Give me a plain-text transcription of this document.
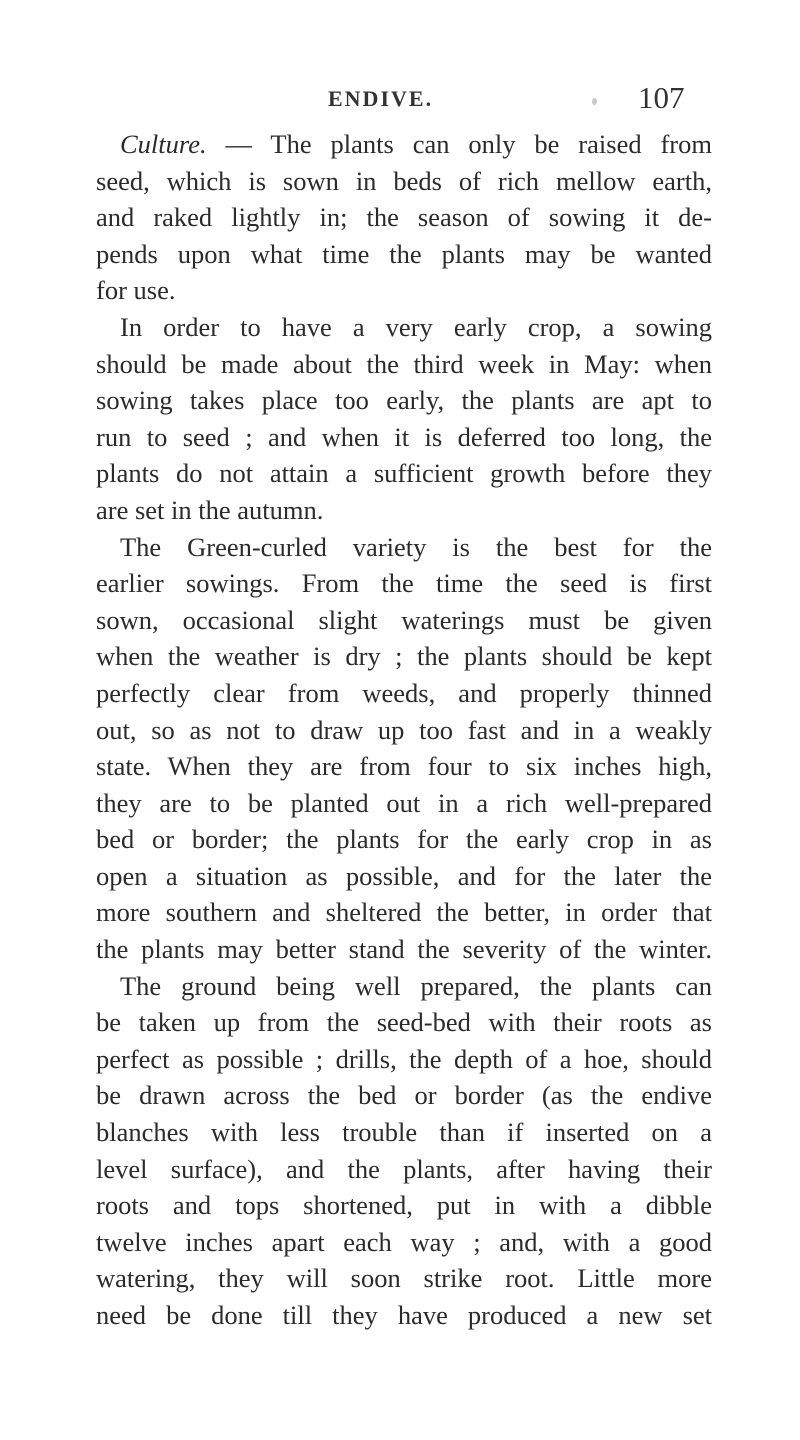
ENDIVE.	107
Culture. — The plants can only be raised from
seed, which is sown in beds of rich mellow earth,
and raked lightly in; the season of sowing it de-
pends upon what time the plants may be wanted
for use.
In order to have a very early crop, a sowing
should be made about the third week in May: when
sowing takes place too early, the plants are apt to
run to seed ; and when it is deferred too long, the
plants do not attain a sufficient growth before they
are set in the autumn.
The Green-curled variety is the best for the
earlier sowings. From the time the seed is first
sown, occasional slight waterings must be given
when the weather is dry ; the plants should be kept
perfectly clear from weeds, and properly thinned
out, so as not to draw up too fast and in a weakly
state. When they are from four to six inches high,
they are to be planted out in a rich well-prepared
bed or border; the plants for the early crop in as
open a situation as possible, and for the later the
more southern and sheltered the better, in order that
the plants may better stand the severity of the winter.
The ground being well prepared, the plants can
be taken up from the seed-bed with their roots as
perfect as possible ; drills, the depth of a hoe, should
be drawn across the bed or border (as the endive
blanches with less trouble than if inserted on a
level surface), and the plants, after having their
roots and tops shortened, put in with a dibble
twelve inches apart each way ; and, with a good
watering, they will soon strike root. Little more
need be done till they have produced a new set
